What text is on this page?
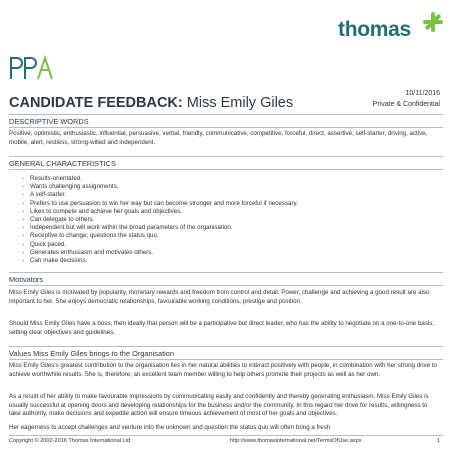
thomas
10/11/2016
Private & Confidential
CANDIDATE FEEDBACK: Miss Emily Giles
DESCRIPTIVE WORDS

Positive, optimistic, enthusiastic, influential, persuasive, verbal, friendly, communicative, competitive, forceful, direct, assertive, self-starter, driving, active, mobile, alert, restless, strong-willed and independent.

GENERAL CHARACTERISTICS
- Results-orientated.
- Wants challenging assignments.
- A self-starter.
- Prefers to use persuasion to win her way but can become stronger and more forceful if necessary.
- Likes to compete and achieve her goals and objectives.
- Can delegate to others.
- Independent but will work within the broad parameters of the organisation.
- Receptive to change; questions the status quo.
- Quick paced.
- Generates enthusiasm and motivates others.
- Can make decisions.
Motivators

Miss Emily Giles is motivated by popularity, monetary rewards and freedom from control and detail. Power, challenge and achieving a good result are also important to her. She enjoys democratic relationships, favourable working conditions, prestige and position.

Should Miss Emily Giles have a boss, then ideally that person will be a participative but direct leader, who has the ability to negotiate on a one-to-one basis, setting clear objectives and guidelines.

Values Miss Emily Giles brings to the Organisation

Miss Emily Giles's greatest contribution to the organisation lies in her natural abilities to interact positively with people, in combination with her strong drive to achieve worthwhile results. She is, therefore, an excellent team member willing to help others promote their projects as well as her own.

As a result of her ability to make favourable impressions by communicating easily and confidently and thereby generating enthusiasm, Miss Emily Giles is usually successful at opening doors and developing relationships for the business and/or the community. In this regard her drive for results, willingness to take authority, make decisions and expedite action will ensure timeous achievement of most of her goals and objectives.

Her eagerness to accept challenges and venture into the unknown and question the status quo will often bring a fresh

Copyright © 2002-2016 Thomas International Ltd	http://www.thomasinternational.net/TermsOfUse.aspx	1
